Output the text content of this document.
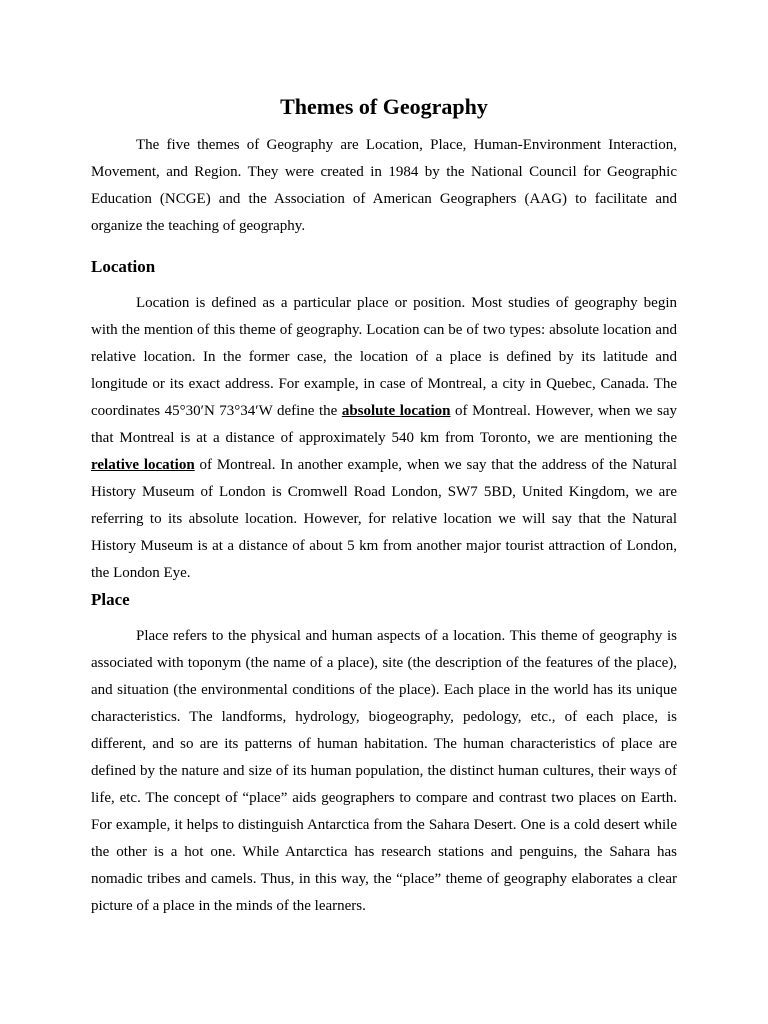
Themes of Geography

The five themes of Geography are Location, Place, Human-Environment Interaction, Movement, and Region. They were created in 1984 by the National Council for Geographic Education (NCGE) and the Association of American Geographers (AAG) to facilitate and organize the teaching of geography.

Location

Location is defined as a particular place or position. Most studies of geography begin with the mention of this theme of geography. Location can be of two types: absolute location and relative location. In the former case, the location of a place is defined by its latitude and longitude or its exact address. For example, in case of Montreal, a city in Quebec, Canada. The coordinates 45°30′N 73°34′W define the absolute location of Montreal. However, when we say that Montreal is at a distance of approximately 540 km from Toronto, we are mentioning the relative location of Montreal. In another example, when we say that the address of the Natural History Museum of London is Cromwell Road London, SW7 5BD, United Kingdom, we are referring to its absolute location. However, for relative location we will say that the Natural History Museum is at a distance of about 5 km from another major tourist attraction of London, the London Eye.

Place

Place refers to the physical and human aspects of a location. This theme of geography is associated with toponym (the name of a place), site (the description of the features of the place), and situation (the environmental conditions of the place). Each place in the world has its unique characteristics. The landforms, hydrology, biogeography, pedology, etc., of each place, is different, and so are its patterns of human habitation. The human characteristics of place are defined by the nature and size of its human population, the distinct human cultures, their ways of life, etc. The concept of “place” aids geographers to compare and contrast two places on Earth. For example, it helps to distinguish Antarctica from the Sahara Desert. One is a cold desert while the other is a hot one. While Antarctica has research stations and penguins, the Sahara has nomadic tribes and camels. Thus, in this way, the “place” theme of geography elaborates a clear picture of a place in the minds of the learners.
